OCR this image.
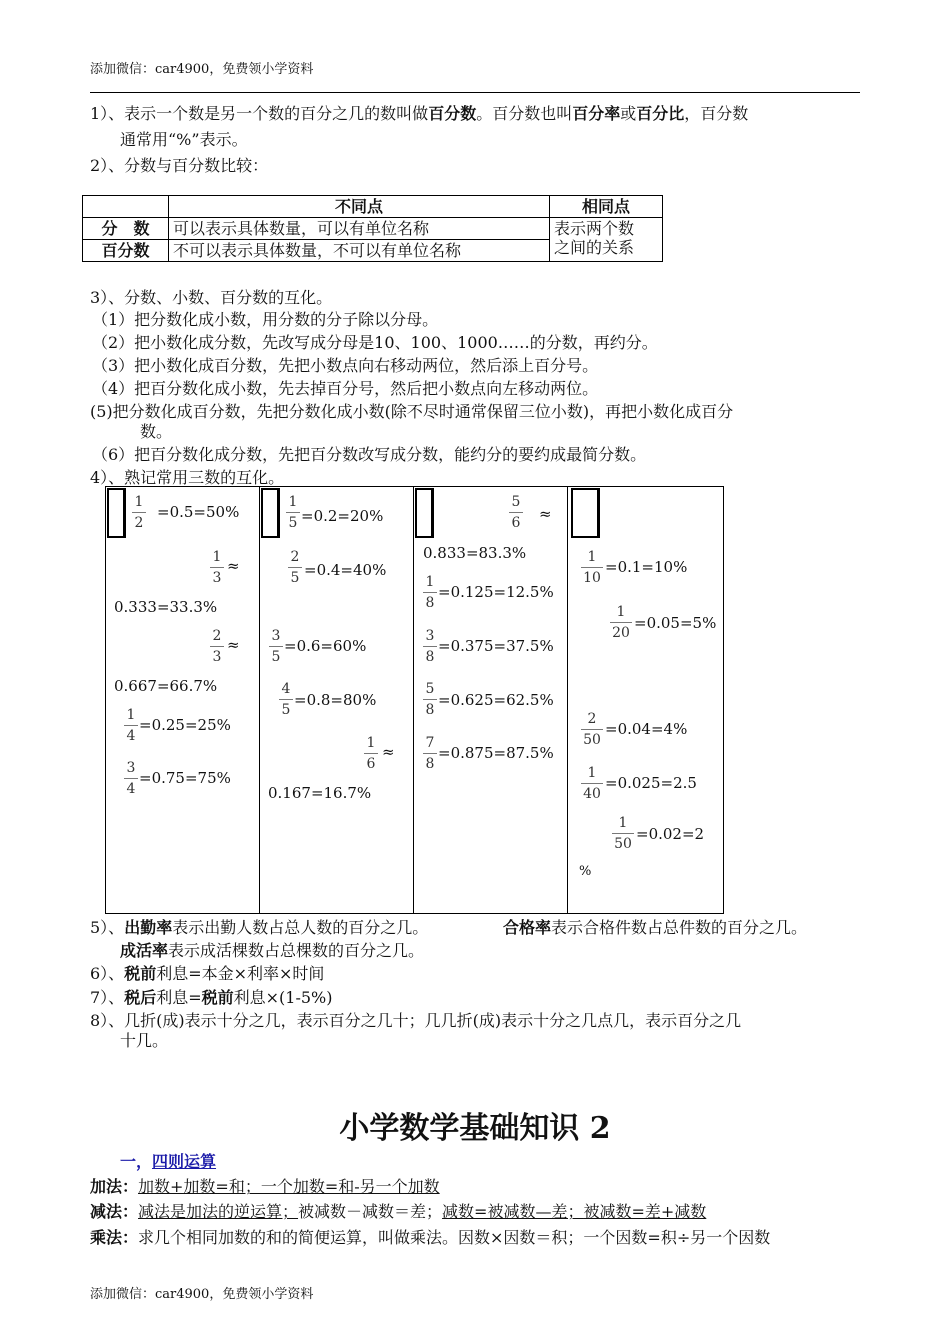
添加微信：car4900，免费领小学资料
添加微信：car4900，免费领小学资料
1）、表示一个数是另一个数的百分之几的数叫做百分数。百分数也叫百分率或百分比，百分数
通常用“%”表示。
2）、分数与百分数比较：
	不同点	相同点
分　数	可以表示具体数量，可以有单位名称	表示两个数
之间的关系

百分数	不可以表示具体数量，不可以有单位名称	
3）、分数、小数、百分数的互化。
（1）把分数化成小数，用分数的分子除以分母。
（2）把小数化成分数，先改写成分母是10、100、1000……的分数，再约分。
（3）把小数化成百分数，先把小数点向右移动两位，然后添上百分号。
（4）把百分数化成小数，先去掉百分号，然后把小数点向左移动两位。
(5)把分数化成百分数，先把分数化成小数(除不尽时通常保留三位小数)，再把小数化成百分
数。
（6）把百分数化成分数，先把百分数改写成分数，能约分的要约成最简分数。
4）、熟记常用三数的互化。
1
2
=0.5=50%
1
3
≈
0.333=33.3%
2
3
≈
0.667=66.7%
1
4
=0.25=25%
3
4
=0.75=75%
1
5 =0.2=20%
2
5 =0.4=40%
3
5
=0.6=60%
4
5
=0.8=80%
1
6
≈
0.167=16.7%
5
6 ≈
0.833=83.3%
1
8
=0.125=12.5%
3
8
=0.375=37.5%
5
8
=0.625=62.5%
7
8
=0.875=87.5%
1
10
=0.1=10%
1
20
=0.05=5%
2
50
=0.04=4%
1
40
=0.025=2.5
1
50
=0.02=2
%
5）、出勤率表示出勤人数占总人数的百分之几。	合格率表示合格件数占总件数的百分之几。
成活率表示成活棵数占总棵数的百分之几。
6）、税前利息=本金×利率×时间
7）、税后利息=税前利息×(1-5%)
8）、几折(成)表示十分之几，表示百分之几十；几几折(成)表示十分之几点几，表示百分之几
十几。
小学数学基础知识 2
一，四则运算
加法：加数+加数=和；一个加数=和-另一个加数
减法：减法是加法的逆运算；被减数－减数＝差；减数=被减数—差；被减数=差+减数
乘法：求几个相同加数的和的简便运算，叫做乘法。因数×因数＝积；一个因数=积÷另一个因数
